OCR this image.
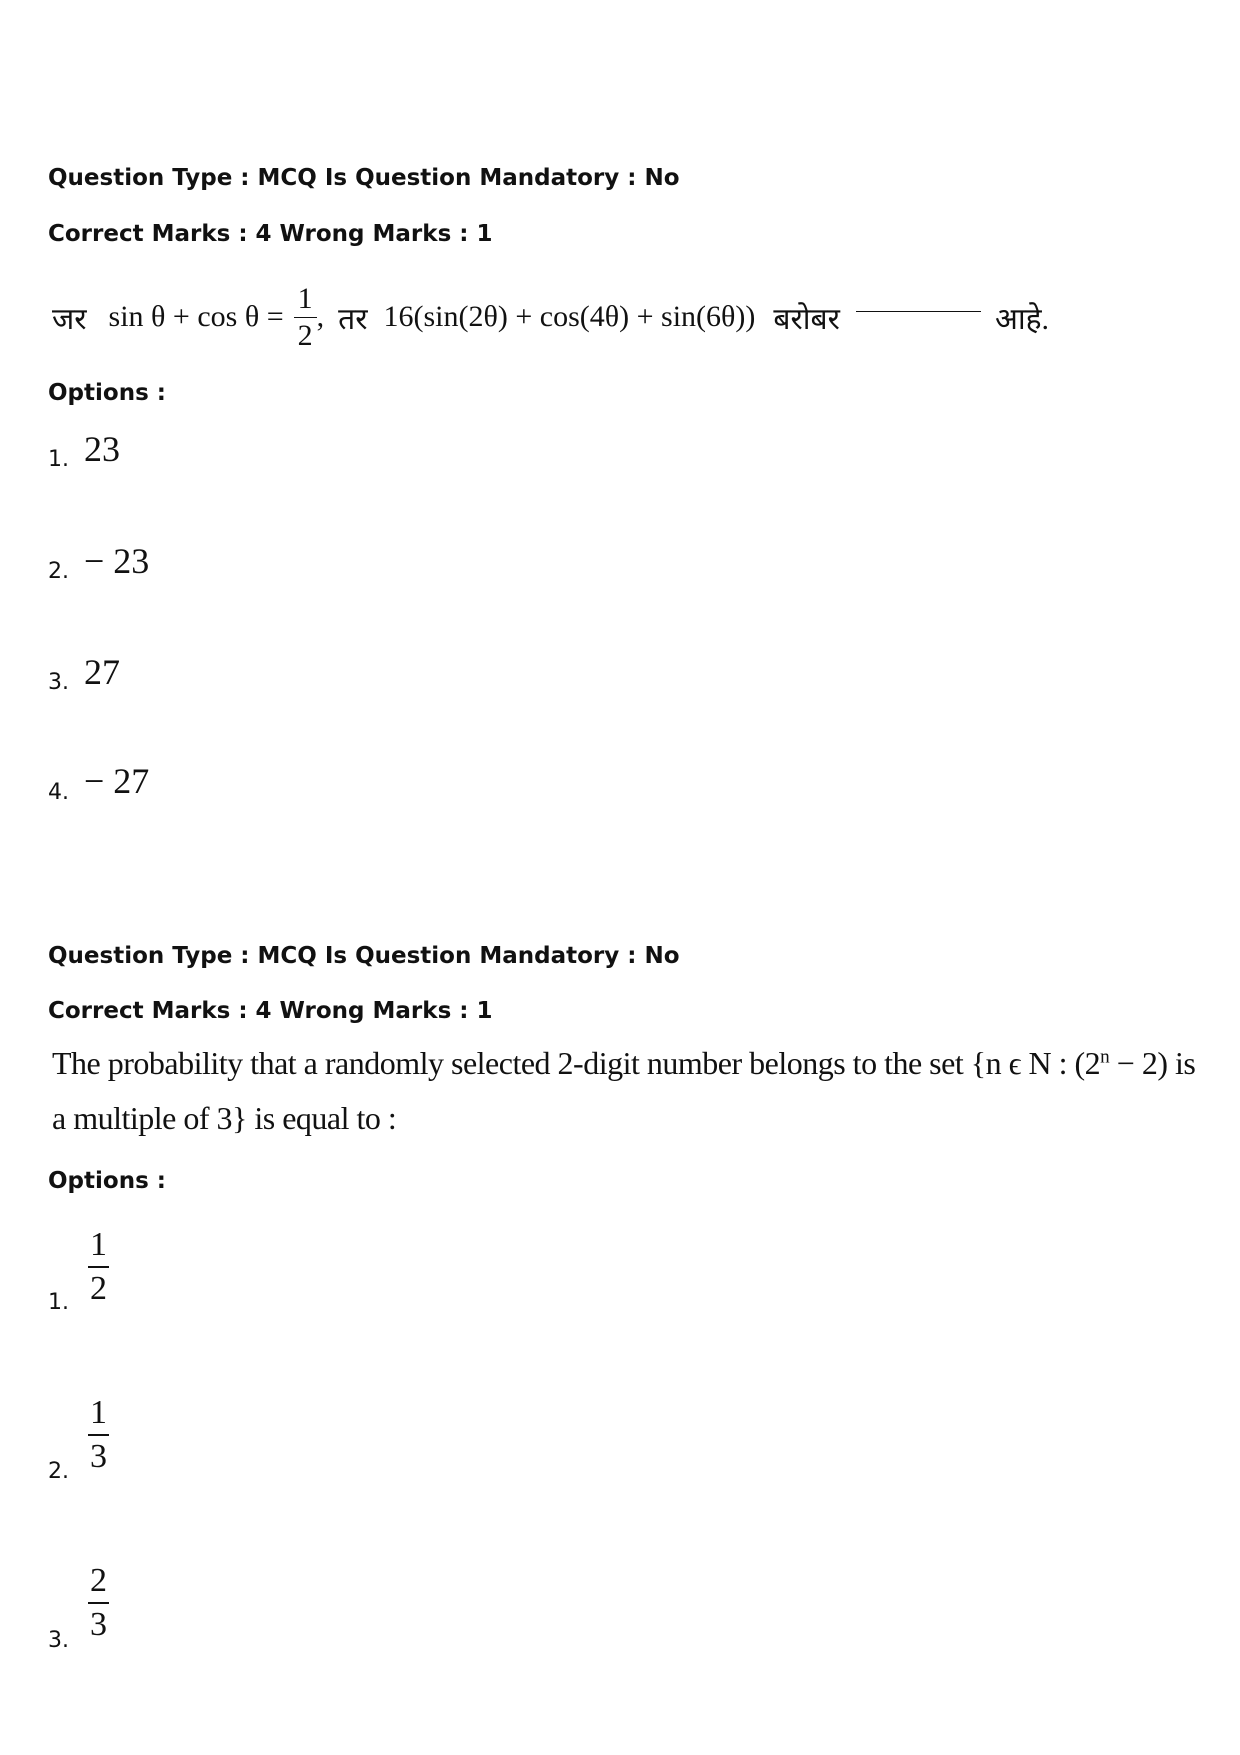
Question Type : MCQ Is Question Mandatory : No
Correct Marks : 4 Wrong Marks : 1
जर $\sin \theta + \cos \theta = \frac{1}{2}$ , तर 16(sin(2θ) + cos(4θ) + sin(6θ)) बरोबर	आहे.
Options :
1. 23
2. − 23
3. 27
4. − 27
Question Type : MCQ Is Question Mandatory : No
Correct Marks : 4 Wrong Marks : 1
The probability that a randomly selected 2-digit number belongs to the set {n ϵ N : $(2^n - 2)$ is
a multiple of 3} is equal to :
Options :
1. $\frac{1}{2}$
2. $\frac{1}{3}$
3. $\frac{2}{3}$
